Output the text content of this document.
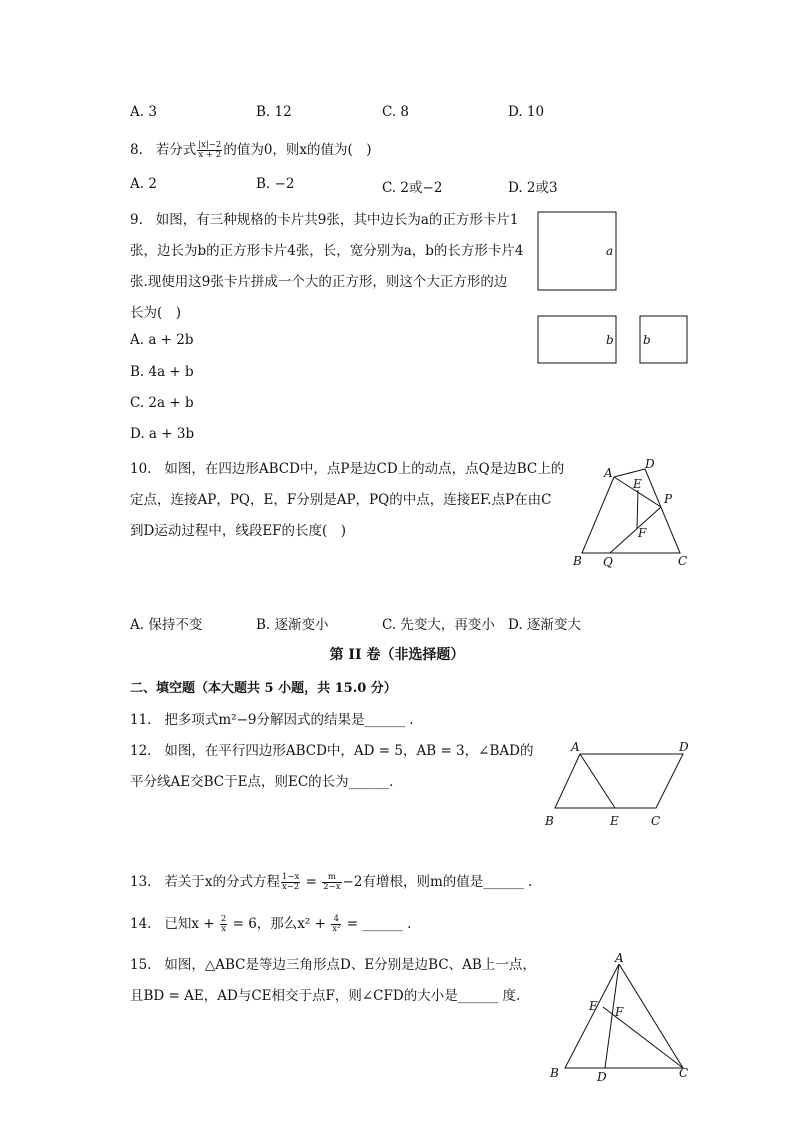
A. 3	B. 12	C. 8	D. 10
8. 若分式 $\frac{|x|-2}{x + 2}$ 的值为0，则x的值为(　)
A. 2	B. −2	C. 2或−2	D. 2或3
9. 如图，有三种规格的卡片共9张，其中边长为a的正方形卡片1
张，边长为b的正方形卡片4张，长，宽分别为a，b的长方形卡片4
张.现使用这9张卡片拼成一个大的正方形，则这个大正方形的边
长为(　)
A. a + 2b
B. 4a + b
C. 2a + b
D. a + 3b
a
b b
10. 如图，在四边形ABCD中，点P是边CD上的动点，点Q是边BC上的
定点，连接AP，PQ，E，F分别是AP，PQ的中点，连接EF.点P在由C
到D运动过程中，线段EF的长度(　)
A
D
E
P
F
B Q	C
A. 保持不变	B. 逐渐变小	C. 先变大，再变小 D. 逐渐变大
第 II 卷（非选择题）
二、填空题（本大题共 5 小题，共 15.0 分）
11. 把多项式m²−9分解因式的结果是______ .
12. 如图，在平行四边形ABCD中，AD = 5，AB = 3，∠BAD的
平分线AE交BC于E点，则EC的长为______.
A	D
B	E	C
13. 若关于x的分式方程 $\frac{1-x}{x-2} = \frac{m}{2-x} -2$有增根，则m的值是______ .
14. 已知$x + \frac{2}{x} = 6$，那么$x^2 + \frac{4}{\text{x²}}$ = ______ .
15. 如图，△ABC是等边三角形点D、E分别是边BC、AB上一点，
且BD = AE，AD与CE相交于点F，则∠CFD的大小是______ 度.
A
E F
B	D	C
